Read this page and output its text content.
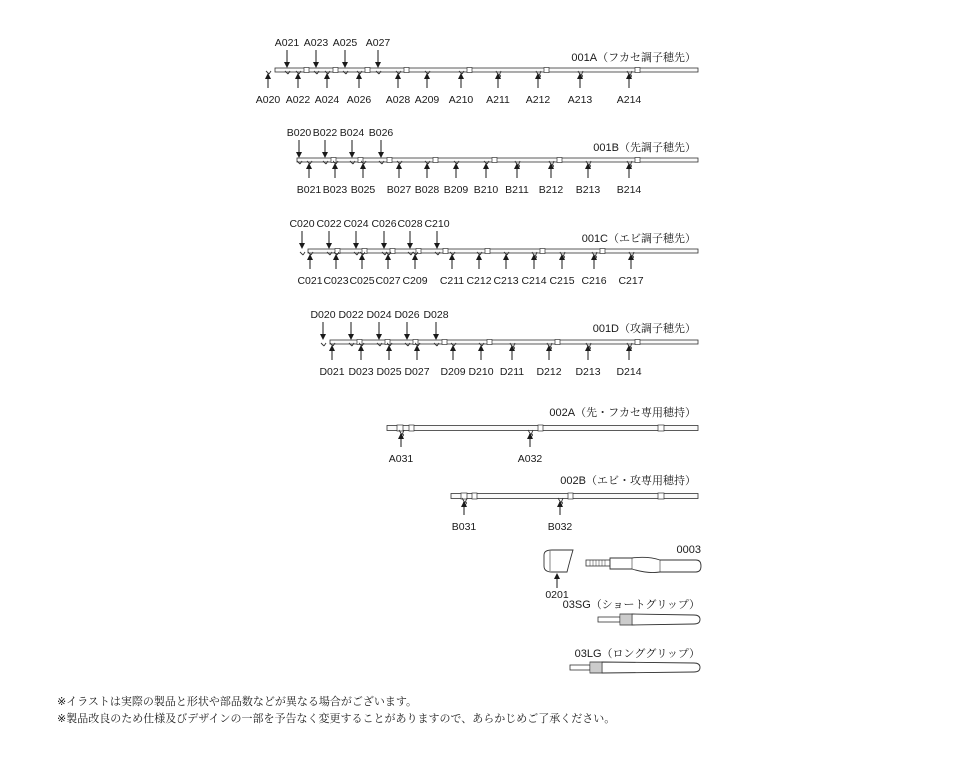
001A（フカセ調子穂先）
A021 A023 A025 A027
A020 A022 A024 A026 A028 A209 A210 A211 A212 A213 A214
001B（先調子穂先）
B020 B022 B024 B026
B021 B023 B025 B027 B028 B209 B210 B211 B212 B213 B214
001C（エビ調子穂先）
C020 C022 C024 C026 C028 C210
C021 C023 C025 C027 C209 C211 C212 C213 C214 C215 C216 C217
001D（攻調子穂先）
D020 D022 D024 D026 D028
D021 D023 D025 D027 D209 D210 D211 D212 D213 D214
002A（先・フカセ専用穂持）
A031	A032
002B（エビ・攻専用穂持）
B031	B032
0201
0003
03SG（ショートグリップ）
03LG（ロンググリップ）
※イラストは実際の製品と形状や部品数などが異なる場合がございます。
※製品改良のため仕様及びデザインの一部を予告なく変更することがありますので、あらかじめご了承ください。
